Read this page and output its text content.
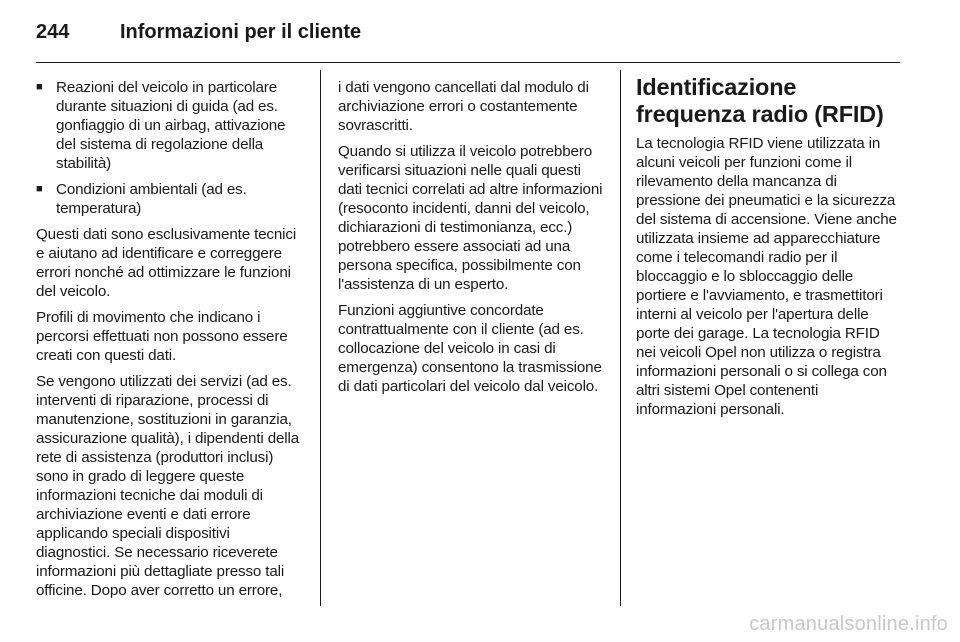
244	Informazioni per il cliente
■ Reazioni del veicolo in particolare durante situazioni di guida (ad es. gonfiaggio di un airbag, attivazione del sistema di regolazione della stabilità)
■ Condizioni ambientali (ad es. temperatura)

Questi dati sono esclusivamente tecnici e aiutano ad identificare e correggere errori nonché ad ottimizzare le funzioni del veicolo.

Profili di movimento che indicano i percorsi effettuati non possono essere creati con questi dati.

Se vengono utilizzati dei servizi (ad es. interventi di riparazione, processi di manutenzione, sostituzioni in garanzia, assicurazione qualità), i dipendenti della rete di assistenza (produttori inclusi) sono in grado di leggere queste informazioni tecniche dai moduli di archiviazione eventi e dati errore applicando speciali dispositivi diagnostici. Se necessario riceverete informazioni più dettagliate presso tali officine. Dopo aver corretto un errore,

i dati vengono cancellati dal modulo di archiviazione errori o costantemente sovrascritti.

Quando si utilizza il veicolo potrebbero verificarsi situazioni nelle quali questi dati tecnici correlati ad altre informazioni (resoconto incidenti, danni del veicolo, dichiarazioni di testimonianza, ecc.) potrebbero essere associati ad una persona specifica, possibilmente con l'assistenza di un esperto.

Funzioni aggiuntive concordate contrattualmente con il cliente (ad es. collocazione del veicolo in casi di emergenza) consentono la trasmissione di dati particolari del veicolo dal veicolo.

Identificazione frequenza radio (RFID)

La tecnologia RFID viene utilizzata in alcuni veicoli per funzioni come il rilevamento della mancanza di pressione dei pneumatici e la sicurezza del sistema di accensione. Viene anche utilizzata insieme ad apparecchiature come i telecomandi radio per il bloccaggio e lo sbloccaggio delle portiere e l'avviamento, e trasmettitori interni al veicolo per l'apertura delle porte dei garage. La tecnologia RFID nei veicoli Opel non utilizza o registra informazioni personali o si collega con altri sistemi Opel contenenti informazioni personali.

carmanualsonline.info
